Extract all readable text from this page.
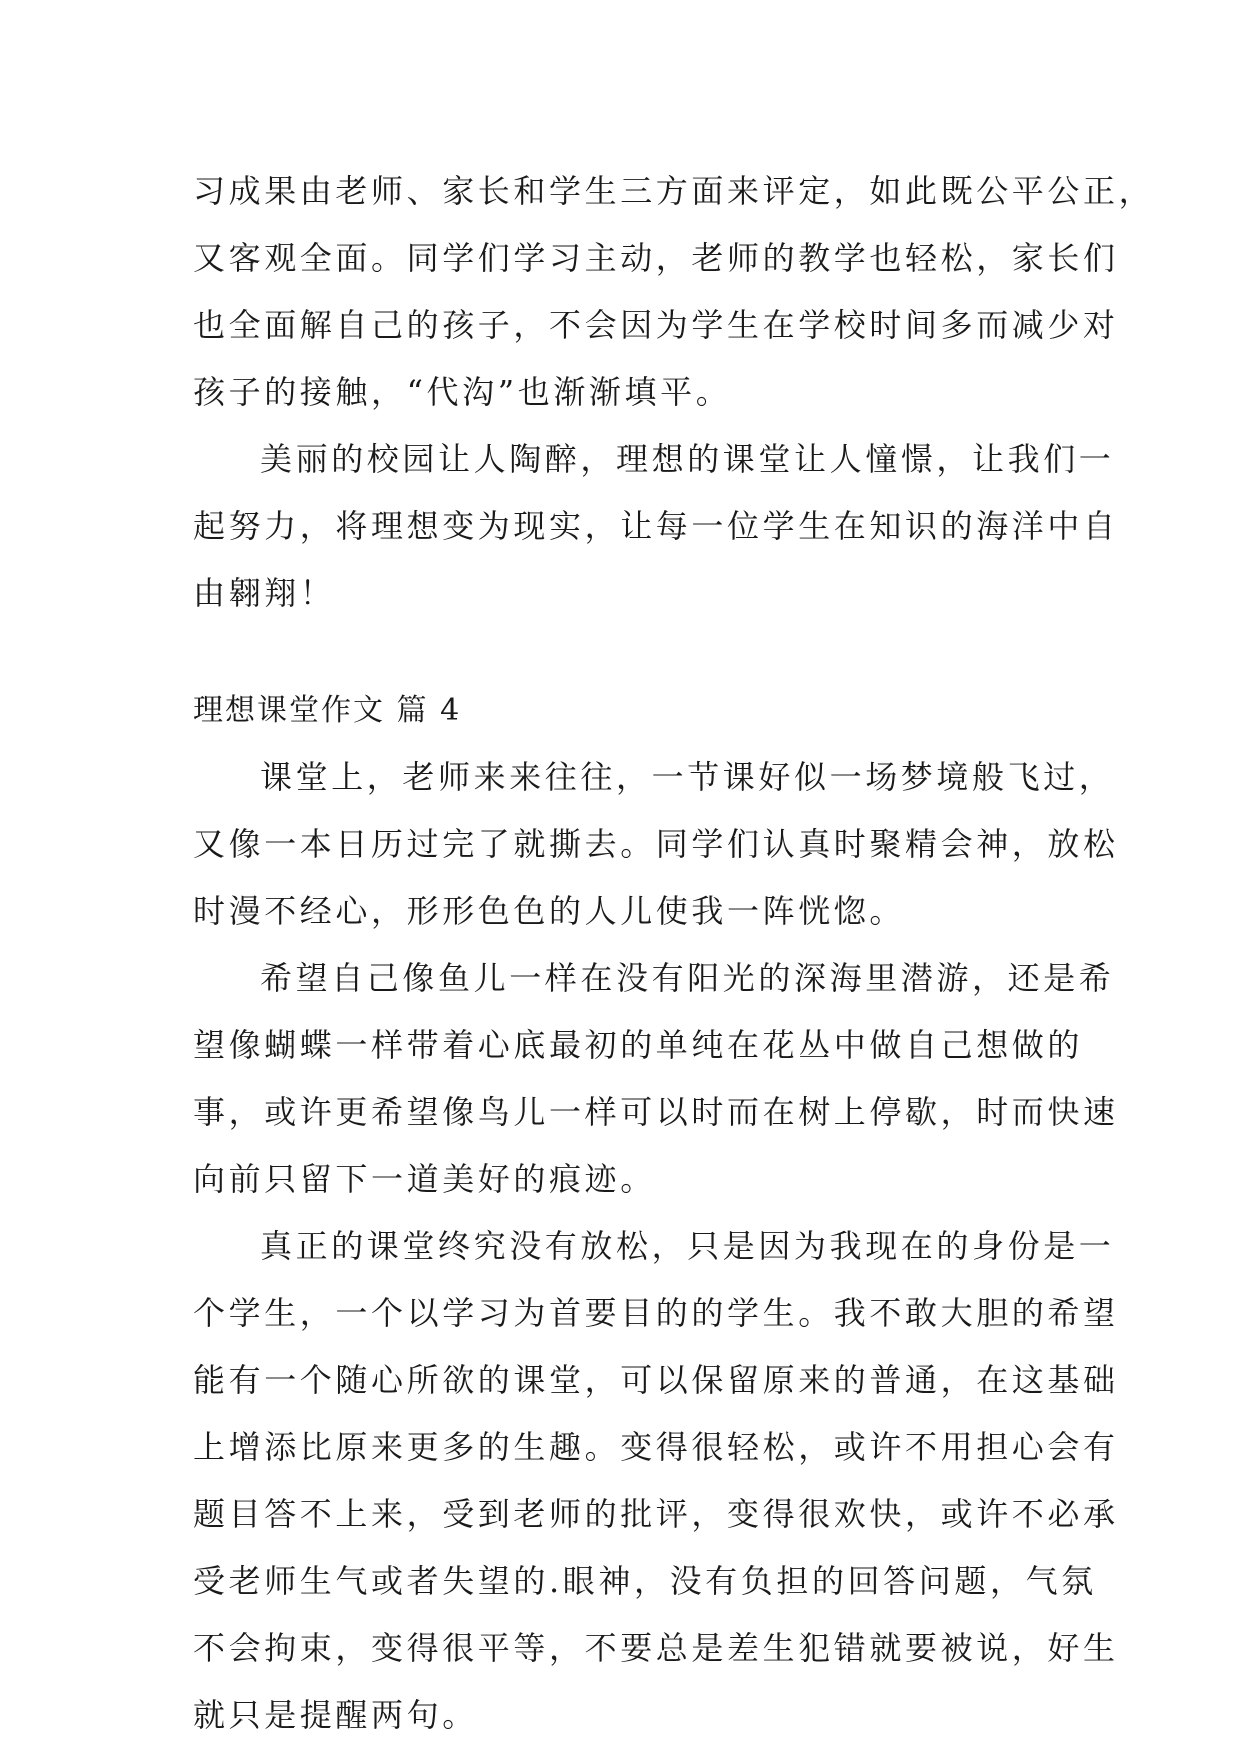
习成果由老师、家长和学生三方面来评定，如此既公平公正，
又客观全面。同学们学习主动，老师的教学也轻松，家长们
也全面解自己的孩子，不会因为学生在学校时间多而减少对
孩子的接触，“代沟”也渐渐填平。
美丽的校园让人陶醉，理想的课堂让人憧憬，让我们一
起努力，将理想变为现实，让每一位学生在知识的海洋中自
由翱翔！
理想课堂作文 篇 4
课堂上，老师来来往往，一节课好似一场梦境般飞过，
又像一本日历过完了就撕去。同学们认真时聚精会神，放松
时漫不经心，形形色色的人儿使我一阵恍惚。
希望自己像鱼儿一样在没有阳光的深海里潜游，还是希
望像蝴蝶一样带着心底最初的单纯在花丛中做自己想做的
事，或许更希望像鸟儿一样可以时而在树上停歇，时而快速
向前只留下一道美好的痕迹。
真正的课堂终究没有放松，只是因为我现在的身份是一
个学生，一个以学习为首要目的的学生。我不敢大胆的希望
能有一个随心所欲的课堂，可以保留原来的普通，在这基础
上增添比原来更多的生趣。变得很轻松，或许不用担心会有
题目答不上来，受到老师的批评，变得很欢快，或许不必承
受老师生气或者失望的.眼神，没有负担的回答问题，气氛
不会拘束，变得很平等，不要总是差生犯错就要被说，好生
就只是提醒两句。
